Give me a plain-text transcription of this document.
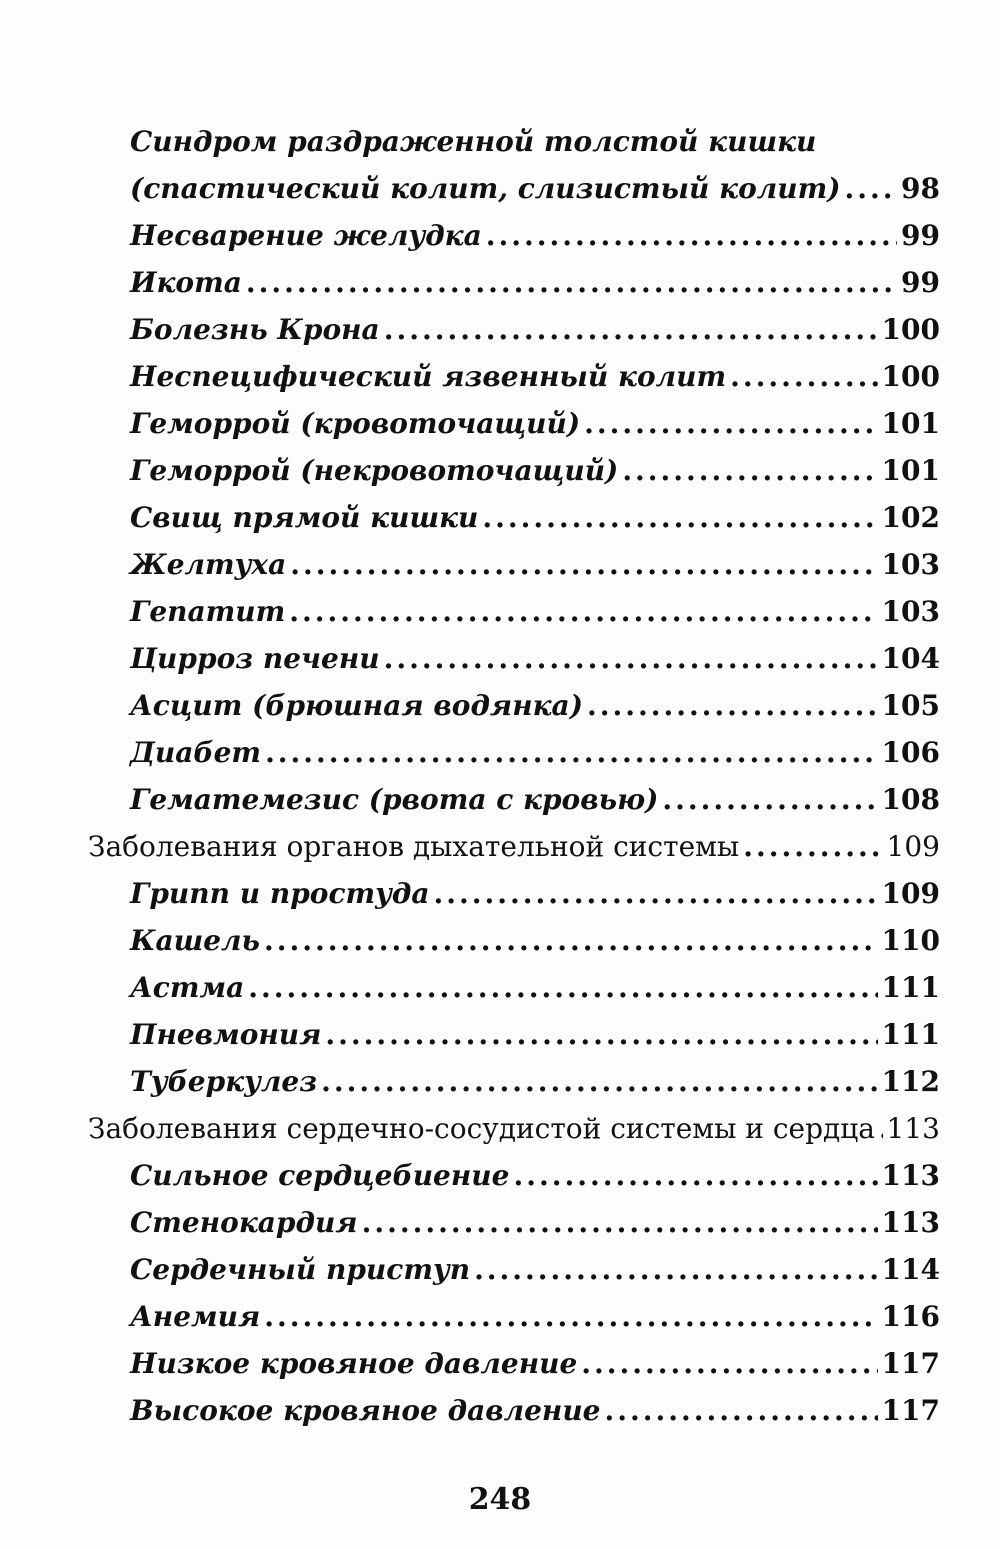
Синдром раздраженной толстой кишки
(спастический колит, слизистый колит) ..... 98
Несварение желудка .....	99
Икота .....	99
Болезнь Крона .....	100
Неспецифический язвенный колит .....	100
Геморрой (кровоточащий) .....	101
Геморрой (некровоточащий) .....	101
Свищ прямой кишки .....	102
Желтуха .....	103
Гепатит .....	103
Цирроз печени .....	104
Асцит (брюшная водянка) .....	105
Диабет .....	106
Гематемезис (рвота с кровью) .....	108
Заболевания органов дыхательной системы .....	109
Грипп и простуда .....	109
Кашель .....	110
Астма .....	111
Пневмония .....	111
Туберкулез .....	112
Заболевания сердечно-сосудистой системы и сердца ..... 113
Сильное сердцебиение .....	113
Стенокардия .....	113
Сердечный приступ .....	114
Анемия .....	116
Низкое кровяное давление .....	117
Высокое кровяное давление .....	117
248
